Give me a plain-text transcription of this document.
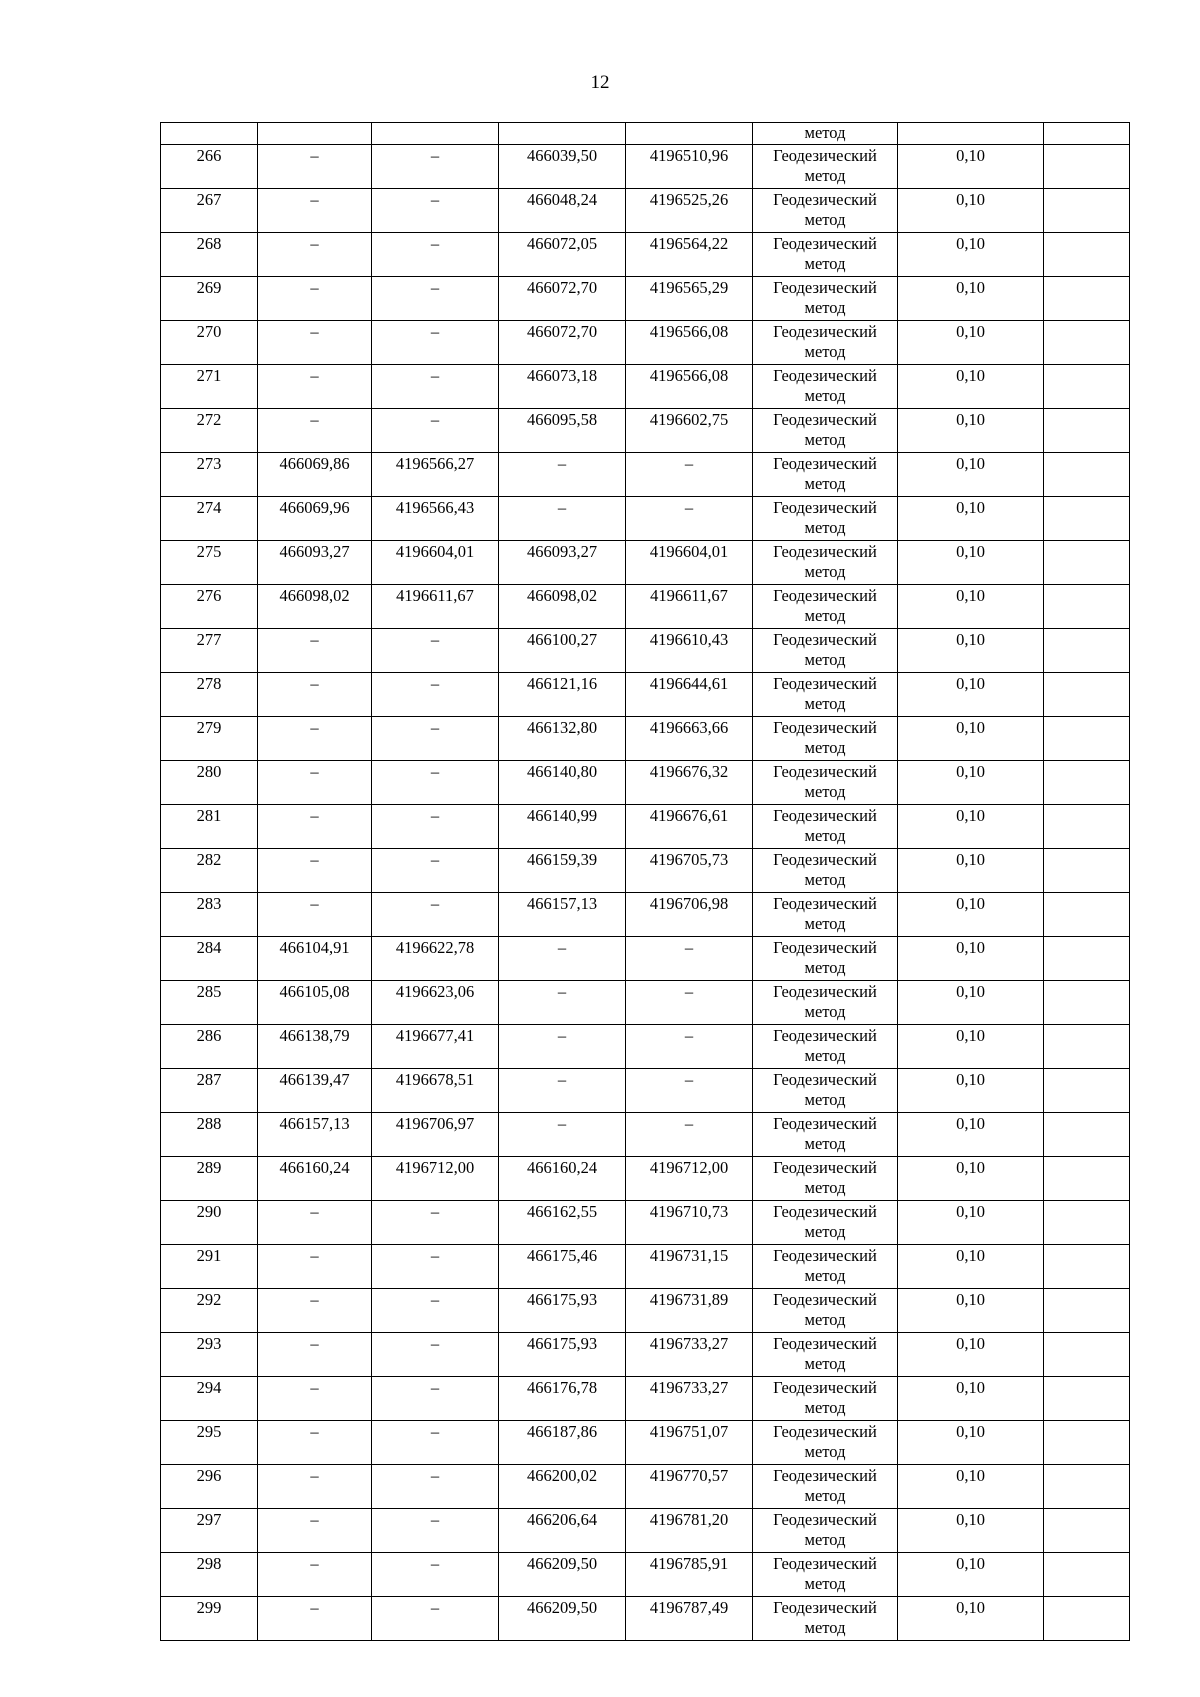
12
					метод		
266	–	–	466039,50	4196510,96	Геодезический метод	0,10	
267	–	–	466048,24	4196525,26	Геодезический метод	0,10	
268	–	–	466072,05	4196564,22	Геодезический метод	0,10	
269	–	–	466072,70	4196565,29	Геодезический метод	0,10	
270	–	–	466072,70	4196566,08	Геодезический метод	0,10	
271	–	–	466073,18	4196566,08	Геодезический метод	0,10	
272	–	–	466095,58	4196602,75	Геодезический метод	0,10	
273	466069,86	4196566,27	–	–	Геодезический метод	0,10	
274	466069,96	4196566,43	–	–	Геодезический метод	0,10	
275	466093,27	4196604,01	466093,27	4196604,01	Геодезический метод	0,10	
276	466098,02	4196611,67	466098,02	4196611,67	Геодезический метод	0,10	
277	–	–	466100,27	4196610,43	Геодезический метод	0,10	
278	–	–	466121,16	4196644,61	Геодезический метод	0,10	
279	–	–	466132,80	4196663,66	Геодезический метод	0,10	
280	–	–	466140,80	4196676,32	Геодезический метод	0,10	
281	–	–	466140,99	4196676,61	Геодезический метод	0,10	
282	–	–	466159,39	4196705,73	Геодезический метод	0,10	
283	–	–	466157,13	4196706,98	Геодезический метод	0,10	
284	466104,91	4196622,78	–	–	Геодезический метод	0,10	
285	466105,08	4196623,06	–	–	Геодезический метод	0,10	
286	466138,79	4196677,41	–	–	Геодезический метод	0,10	
287	466139,47	4196678,51	–	–	Геодезический метод	0,10	
288	466157,13	4196706,97	–	–	Геодезический метод	0,10	
289	466160,24	4196712,00	466160,24	4196712,00	Геодезический метод	0,10	
290	–	–	466162,55	4196710,73	Геодезический метод	0,10	
291	–	–	466175,46	4196731,15	Геодезический метод	0,10	
292	–	–	466175,93	4196731,89	Геодезический метод	0,10	
293	–	–	466175,93	4196733,27	Геодезический метод	0,10	
294	–	–	466176,78	4196733,27	Геодезический метод	0,10	
295	–	–	466187,86	4196751,07	Геодезический метод	0,10	
296	–	–	466200,02	4196770,57	Геодезический метод	0,10	
297	–	–	466206,64	4196781,20	Геодезический метод	0,10	
298	–	–	466209,50	4196785,91	Геодезический метод	0,10	
299	–	–	466209,50	4196787,49	Геодезический метод	0,10	
